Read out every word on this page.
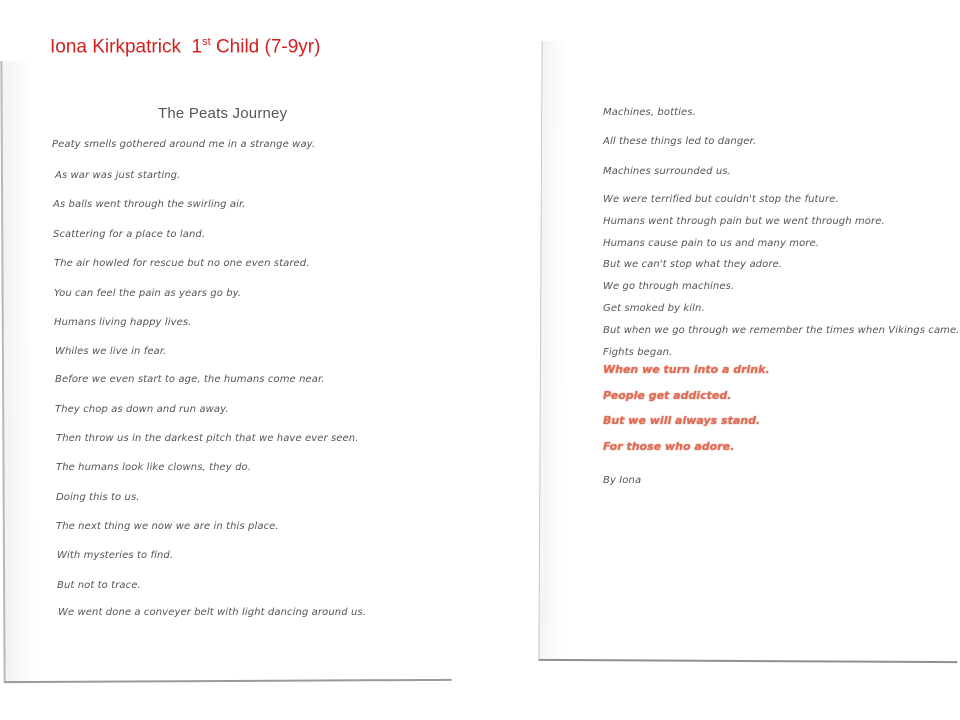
Iona Kirkpatrick 1st Child (7-9yr)
The Peats Journey
Peaty smells gothered around me in a strange way.
As war was just starting.
As balls went through the swirling air.
Scattering for a place to land.
The air howled for rescue but no one even stared.
You can feel the pain as years go by.
Humans living happy lives.
Whiles we live in fear.
Before we even start to age, the humans come near.
They chop as down and run away.
Then throw us in the darkest pitch that we have ever seen.
The humans look like clowns, they do.
Doing this to us.
The next thing we now we are in this place.
With mysteries to find.
But not to trace.
We went done a conveyer belt with light dancing around us.
Machines, botties.
All these things led to danger.
Machines surrounded us.
We were terrified but couldn't stop the future.
Humans went through pain but we went through more.
Humans cause pain to us and many more.
But we can't stop what they adore.
We go through machines.
Get smoked by kiln.
But when we go through we remember the times when Vikings came.
Fights began.
When we turn into a drink.
People get addicted.
But we will always stand.
For those who adore.
By Iona
